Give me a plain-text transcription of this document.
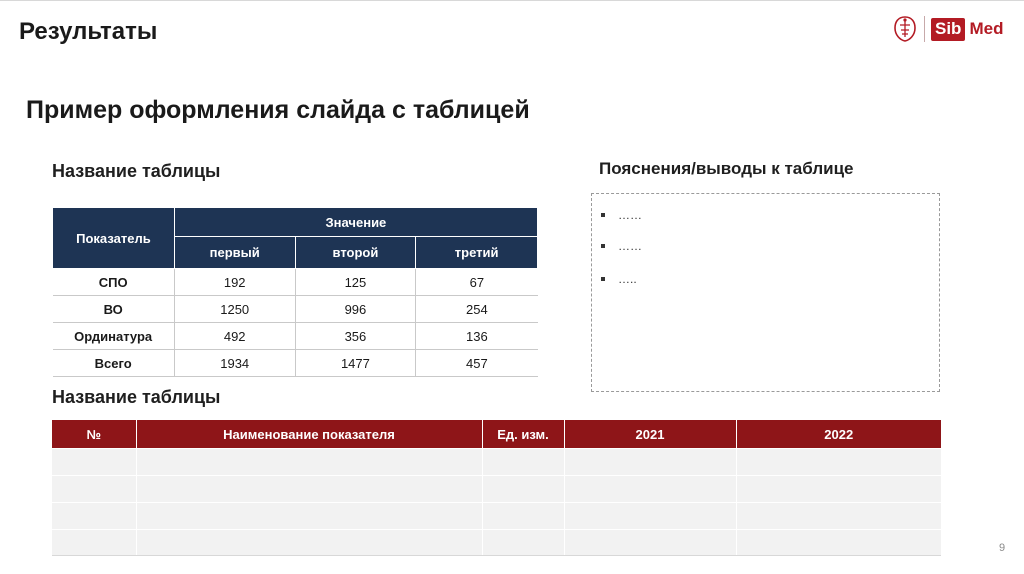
Результаты	Sib Med
Пример оформления слайда с таблицей
Название таблицы
Показатель	Значение		
	первый	второй	третий
СПО	192	125	67
ВО	1250	996	254
Ординатура	492	356	136
Всего	1934	1477	457
Пояснения/выводы к таблице
……
……
…..
Название таблицы
№	Наименование показателя	Ед. изм.	2021	2022

9
